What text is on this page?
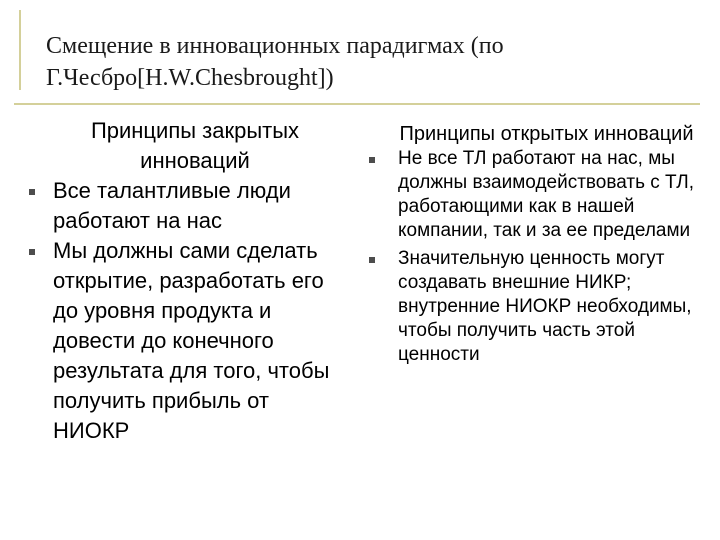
Смещение в инновационных парадигмах (по Г.Чесбро[H.W.Chesbrought])
Принципы закрытых инноваций
Все талантливые люди работают на нас
Мы должны сами сделать открытие, разработать его до уровня продукта и довести до конечного результата для того, чтобы получить прибыль от НИОКР
Принципы открытых инноваций
Не все ТЛ работают на нас, мы должны взаимодействовать с ТЛ, работающими как в нашей компании, так и за ее пределами
Значительную ценность могут создавать внешние НИКР; внутренние НИОКР необходимы, чтобы получить часть этой ценности
